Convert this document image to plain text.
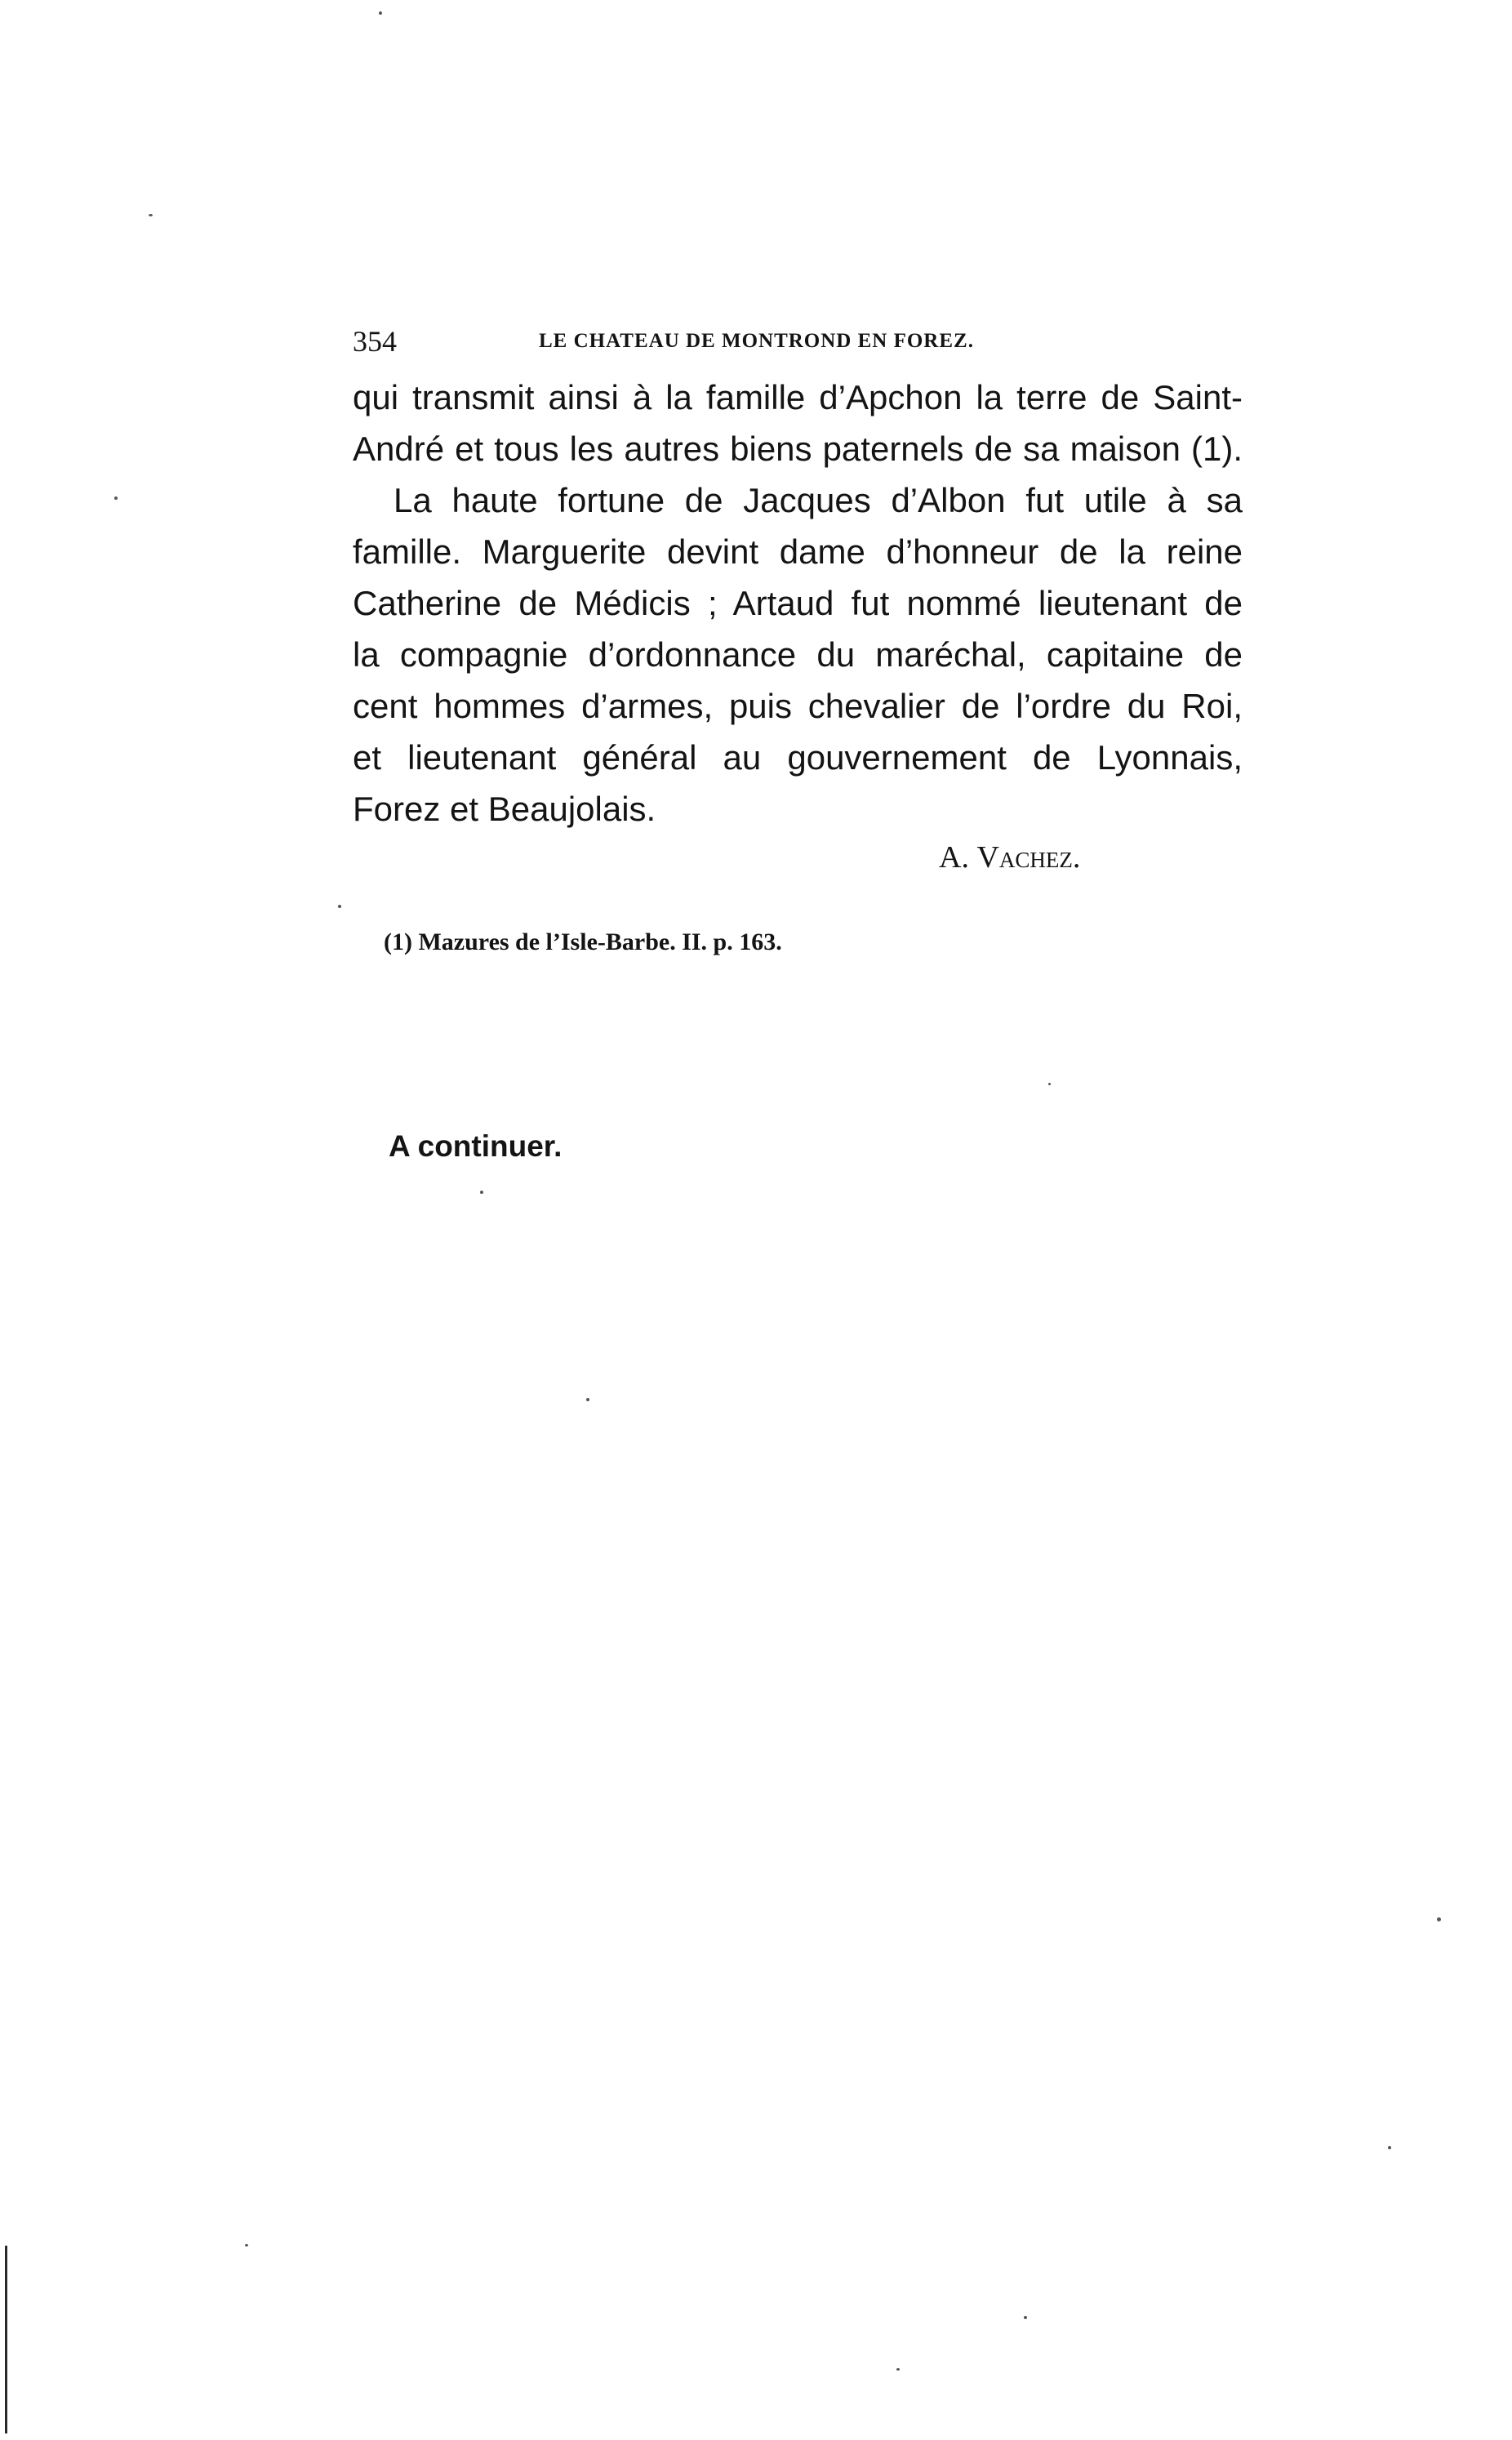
354	LE CHATEAU DE MONTROND EN FOREZ.
qui transmit ainsi à la famille d’Apchon la terre de Saint-
André et tous les autres biens paternels de sa maison (1).
La haute fortune de Jacques d’Albon fut utile à sa
famille. Marguerite devint dame d’honneur de la reine
Catherine de Médicis ; Artaud fut nommé lieutenant de
la compagnie d’ordonnance du maréchal, capitaine de
cent hommes d’armes, puis chevalier de l’ordre du Roi,
et lieutenant général au gouvernement de Lyonnais,
Forez et Beaujolais.
A. Vachez.
(1) Mazures de l’Isle-Barbe. II. p. 163.
A continuer.
